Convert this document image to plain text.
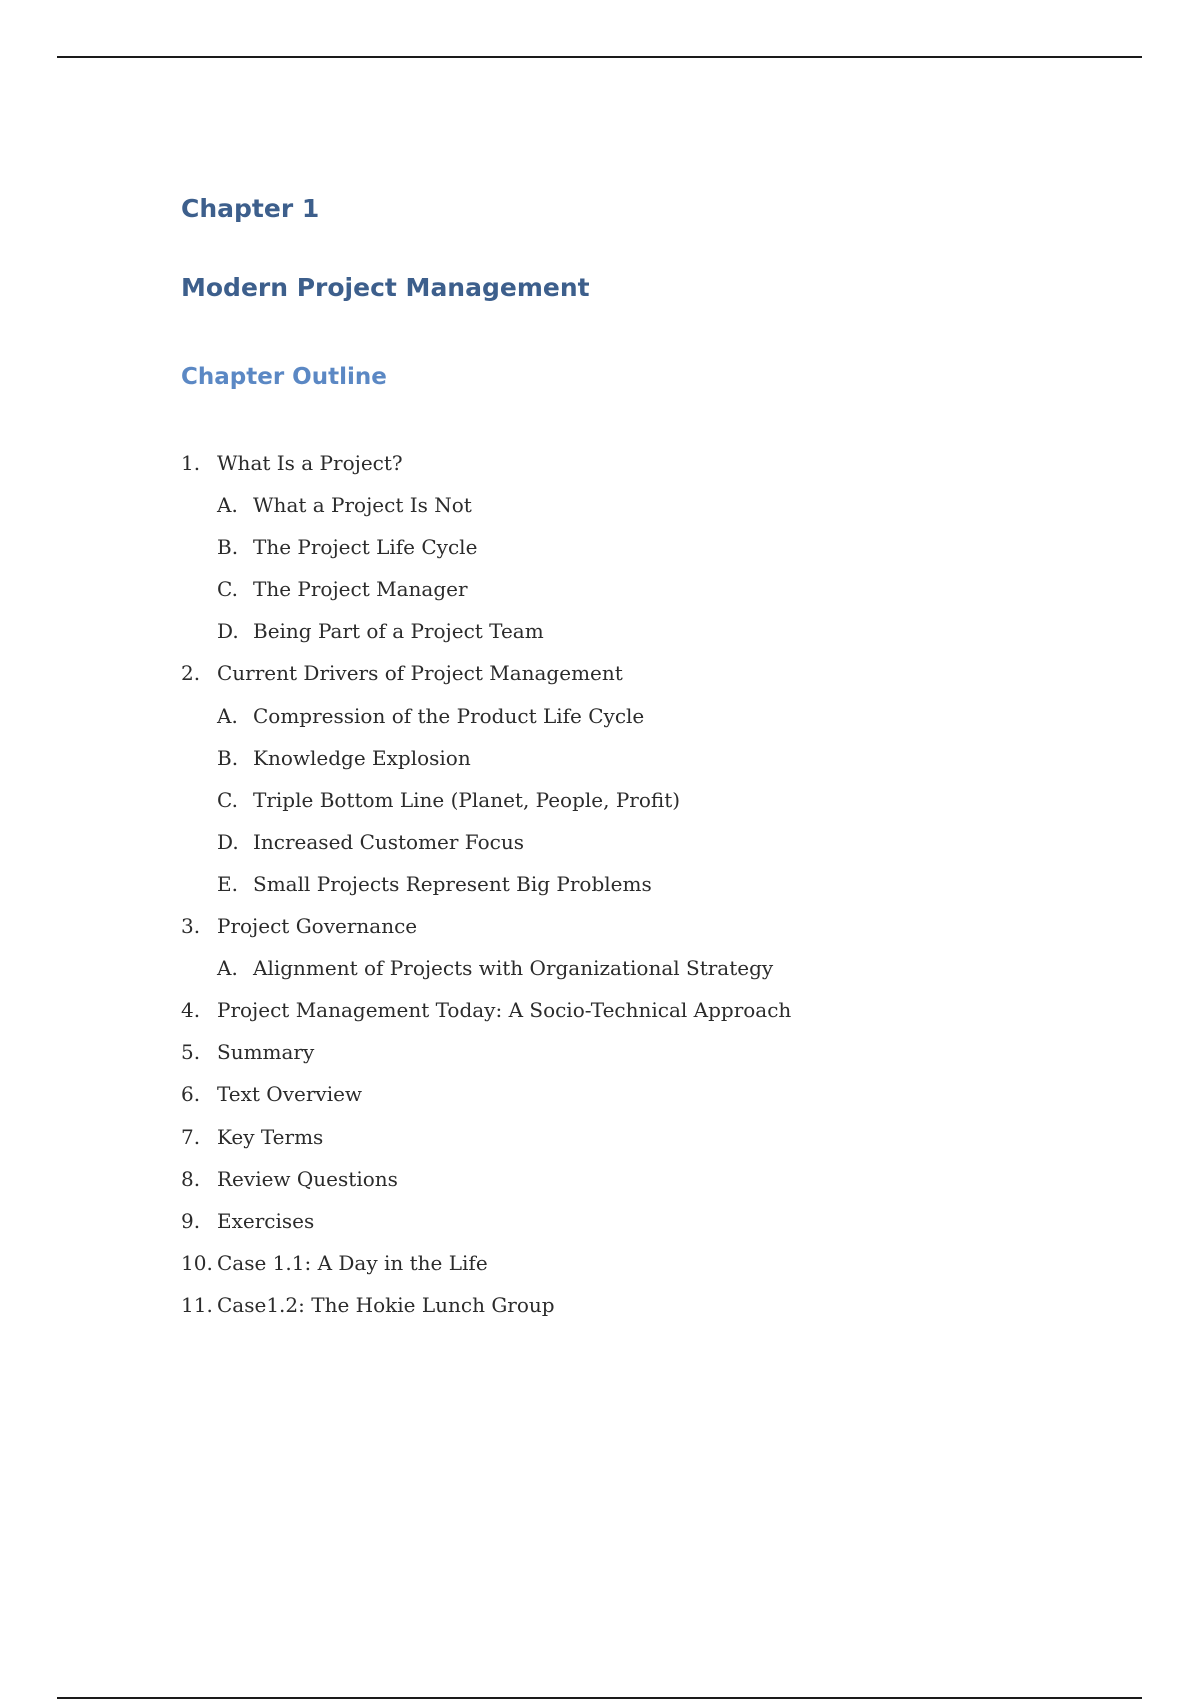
Chapter 1
Modern Project Management
Chapter Outline
1. What Is a Project?
A. What a Project Is Not
B. The Project Life Cycle
C. The Project Manager
D. Being Part of a Project Team
2. Current Drivers of Project Management
A. Compression of the Product Life Cycle
B. Knowledge Explosion
C. Triple Bottom Line (Planet, People, Profit)
D. Increased Customer Focus
E. Small Projects Represent Big Problems
3. Project Governance
A. Alignment of Projects with Organizational Strategy
4. Project Management Today: A Socio-Technical Approach
5. Summary
6. Text Overview
7. Key Terms
8. Review Questions
9. Exercises
10. Case 1.1: A Day in the Life
11. Case1.2: The Hokie Lunch Group
